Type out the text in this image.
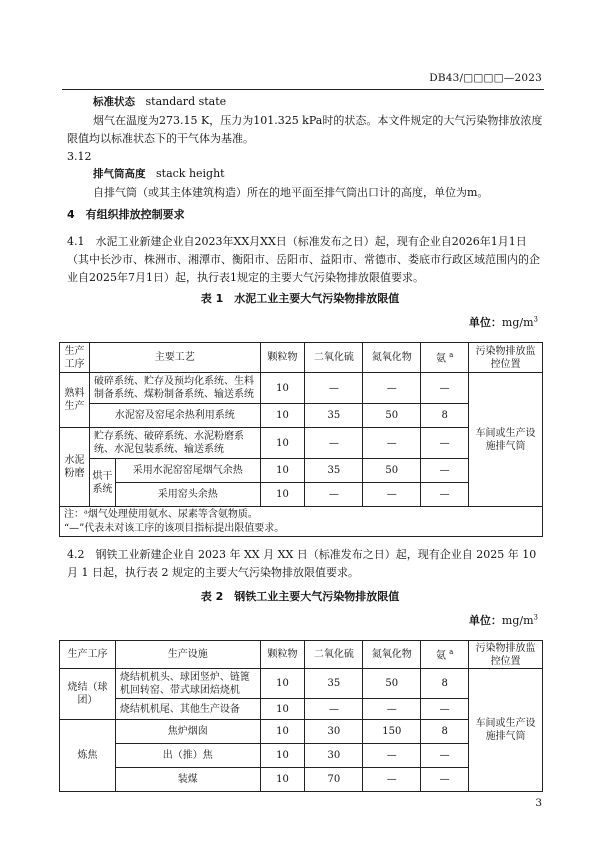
DB43/□□□□—2023
标准状态 standard state
烟气在温度为273.15 K，压力为101.325 kPa时的状态。本文件规定的大气污染物排放浓度限值均以标准状态下的干气体为基准。
3.12
排气筒高度 stack height
自排气筒（或其主体建筑构造）所在的地平面至排气筒出口计的高度，单位为m。
4　有组织排放控制要求
4.1　水泥工业新建企业自2023年XX月XX日（标准发布之日）起，现有企业自2026年1月1日（其中长沙市、株洲市、湘潭市、衡阳市、岳阳市、益阳市、常德市、娄底市行政区域范围内的企业自2025年7月1日）起，执行表1规定的主要大气污染物排放限值要求。
表 1　水泥工业主要大气污染物排放限值
单位：$mg/m^3$
生产工序	主要工艺		颗粒物	二氧化硫	氮氧化物	氨 $^a$	污染物排放监控位置
熟料生产	破碎系统、贮存及预均化系统、生料制备系统、煤粉制备系统、输送系统		10	—	—	—	车间或生产设施排气筒
	水泥窑及窑尾余热利用系统		10	35	50	8	
水泥粉磨	贮存系统、破碎系统、水泥粉磨系统、水泥包装系统、输送系统		10	—	—	—	
	烘干系统	采用水泥窑窑尾烟气余热	10	35	50	—	
		采用窑头余热	10	—	—	—	

注：ᵃ烟气处理使用氨水、尿素等含氨物质。
“—”代表未对该工序的该项目指标提出限值要求。							
4.2　钢铁工业新建企业自 2023 年 XX 月 XX 日（标准发布之日）起，现有企业自 2025 年 10 月 1 日起，执行表 2 规定的主要大气污染物排放限值要求。
表 2　钢铁工业主要大气污染物排放限值
单位：$mg/m^3$
生产工序	生产设施	颗粒物	二氧化硫	氮氧化物	氨 $^a$	污染物排放监控位置
烧结（球团）	烧结机机头、球团竖炉、链篦机回转窑、带式球团焙烧机	10	35	50	8	车间或生产设施排气筒
	烧结机机尾、其他生产设备	10	—	—	—	
炼焦	焦炉烟囱	10	30	150	8	
	出（推）焦	10	30	—	—	
	装煤	10	70	—	—	
3
